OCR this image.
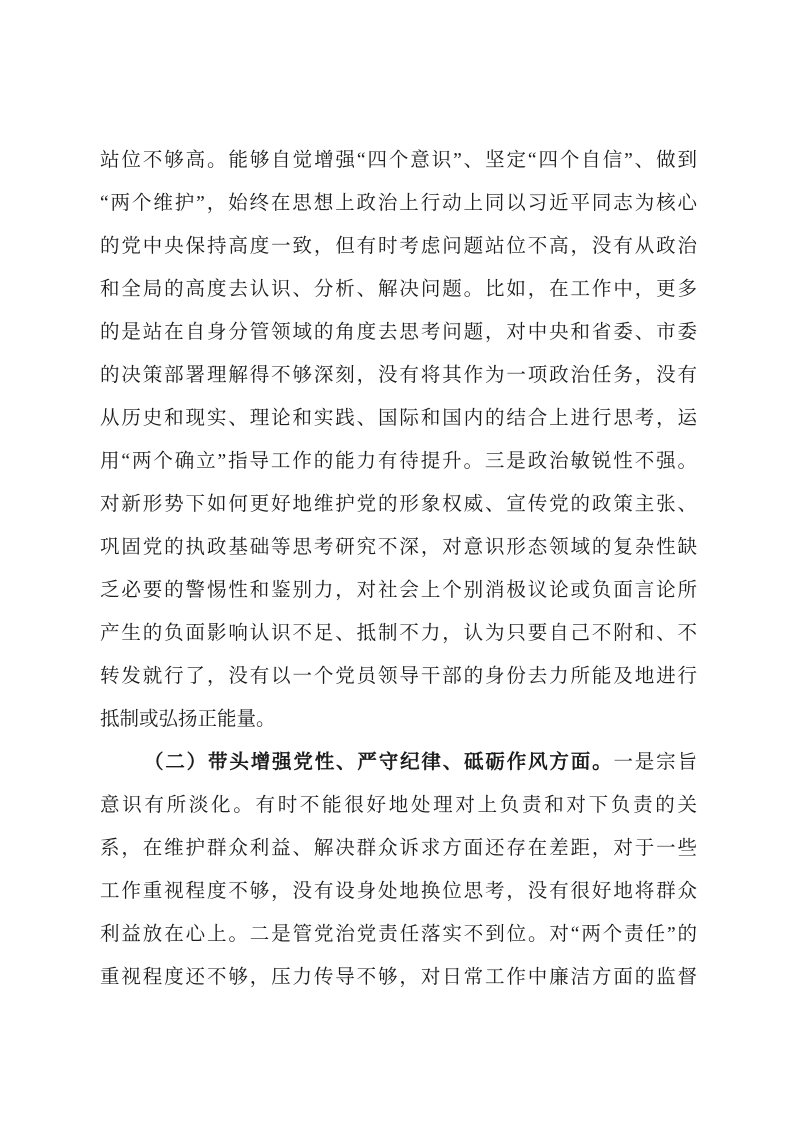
站位不够高。能够自觉增强“四个意识”、坚定“四个自信”、做到
“两个维护”，始终在思想上政治上行动上同以习近平同志为核心
的党中央保持高度一致，但有时考虑问题站位不高，没有从政治
和全局的高度去认识、分析、解决问题。比如，在工作中，更多
的是站在自身分管领域的角度去思考问题，对中央和省委、市委
的决策部署理解得不够深刻，没有将其作为一项政治任务，没有
从历史和现实、理论和实践、国际和国内的结合上进行思考，运
用“两个确立”指导工作的能力有待提升。三是政治敏锐性不强。
对新形势下如何更好地维护党的形象权威、宣传党的政策主张、
巩固党的执政基础等思考研究不深，对意识形态领域的复杂性缺
乏必要的警惕性和鉴别力，对社会上个别消极议论或负面言论所
产生的负面影响认识不足、抵制不力，认为只要自己不附和、不
转发就行了，没有以一个党员领导干部的身份去力所能及地进行
抵制或弘扬正能量。
（二）带头增强党性、严守纪律、砥砺作风方面。一是宗旨
意识有所淡化。有时不能很好地处理对上负责和对下负责的关
系，在维护群众利益、解决群众诉求方面还存在差距，对于一些
工作重视程度不够，没有设身处地换位思考，没有很好地将群众
利益放在心上。二是管党治党责任落实不到位。对“两个责任”的
重视程度还不够，压力传导不够，对日常工作中廉洁方面的监督
